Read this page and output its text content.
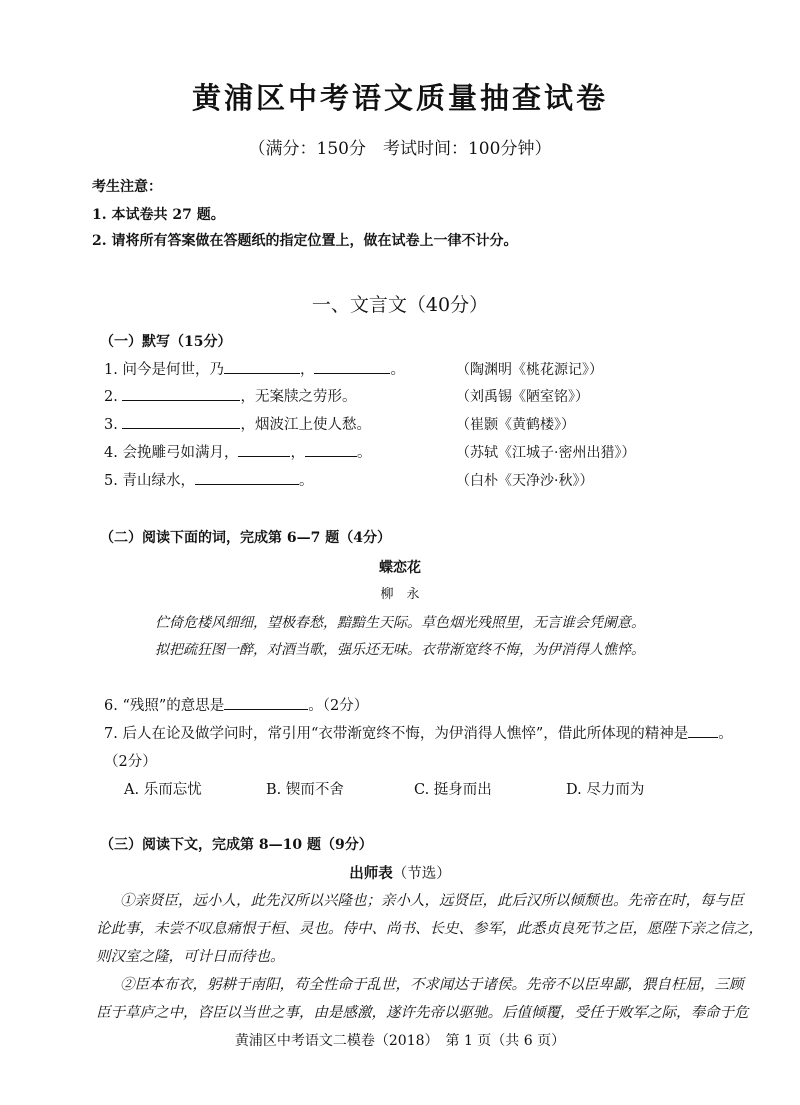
黄浦区中考语文质量抽查试卷
（满分：150分　考试时间：100分钟）
考生注意：
1. 本试卷共 27 题。
2. 请将所有答案做在答题纸的指定位置上，做在试卷上一律不计分。
一、文言文（40分）
（一）默写（15分）
1. 问今是何世，乃	，	。	（陶渊明《桃花源记》）
2.	，无案牍之劳形。	（刘禹锡《陋室铭》）
3.	，烟波江上使人愁。	（崔颢《黄鹤楼》）
4. 会挽雕弓如满月，	，	。	（苏轼《江城子·密州出猎》）
5. 青山绿水，	。	（白朴《天净沙·秋》）
（二）阅读下面的词，完成第 6—7 题（4分）
蝶恋花
柳　永
伫倚危楼风细细，望极春愁，黯黯生天际。草色烟光残照里，无言谁会凭阑意。
拟把疏狂图一醉，对酒当歌，强乐还无味。衣带渐宽终不悔，为伊消得人憔悴。
6. “残照”的意思是	。（2分）
7. 后人在论及做学问时，常引用“衣带渐宽终不悔，为伊消得人憔悴”，借此所体现的精神是 。
（2分）
A. 乐而忘忧	B. 锲而不舍	C. 挺身而出	D. 尽力而为
（三）阅读下文，完成第 8—10 题（9分）
出师表（节选）
①亲贤臣，远小人，此先汉所以兴隆也；亲小人，远贤臣，此后汉所以倾颓也。先帝在时，每与臣
论此事，未尝不叹息痛恨于桓、灵也。侍中、尚书、长史、参军，此悉贞良死节之臣，愿陛下亲之信之，
则汉室之隆，可计日而待也。
②臣本布衣，躬耕于南阳，苟全性命于乱世，不求闻达于诸侯。先帝不以臣卑鄙，猥自枉屈，三顾
臣于草庐之中，咨臣以当世之事，由是感激，遂许先帝以驱驰。后值倾覆，受任于败军之际，奉命于危
黄浦区中考语文二模卷（2018）　第 1 页（共 6 页）
